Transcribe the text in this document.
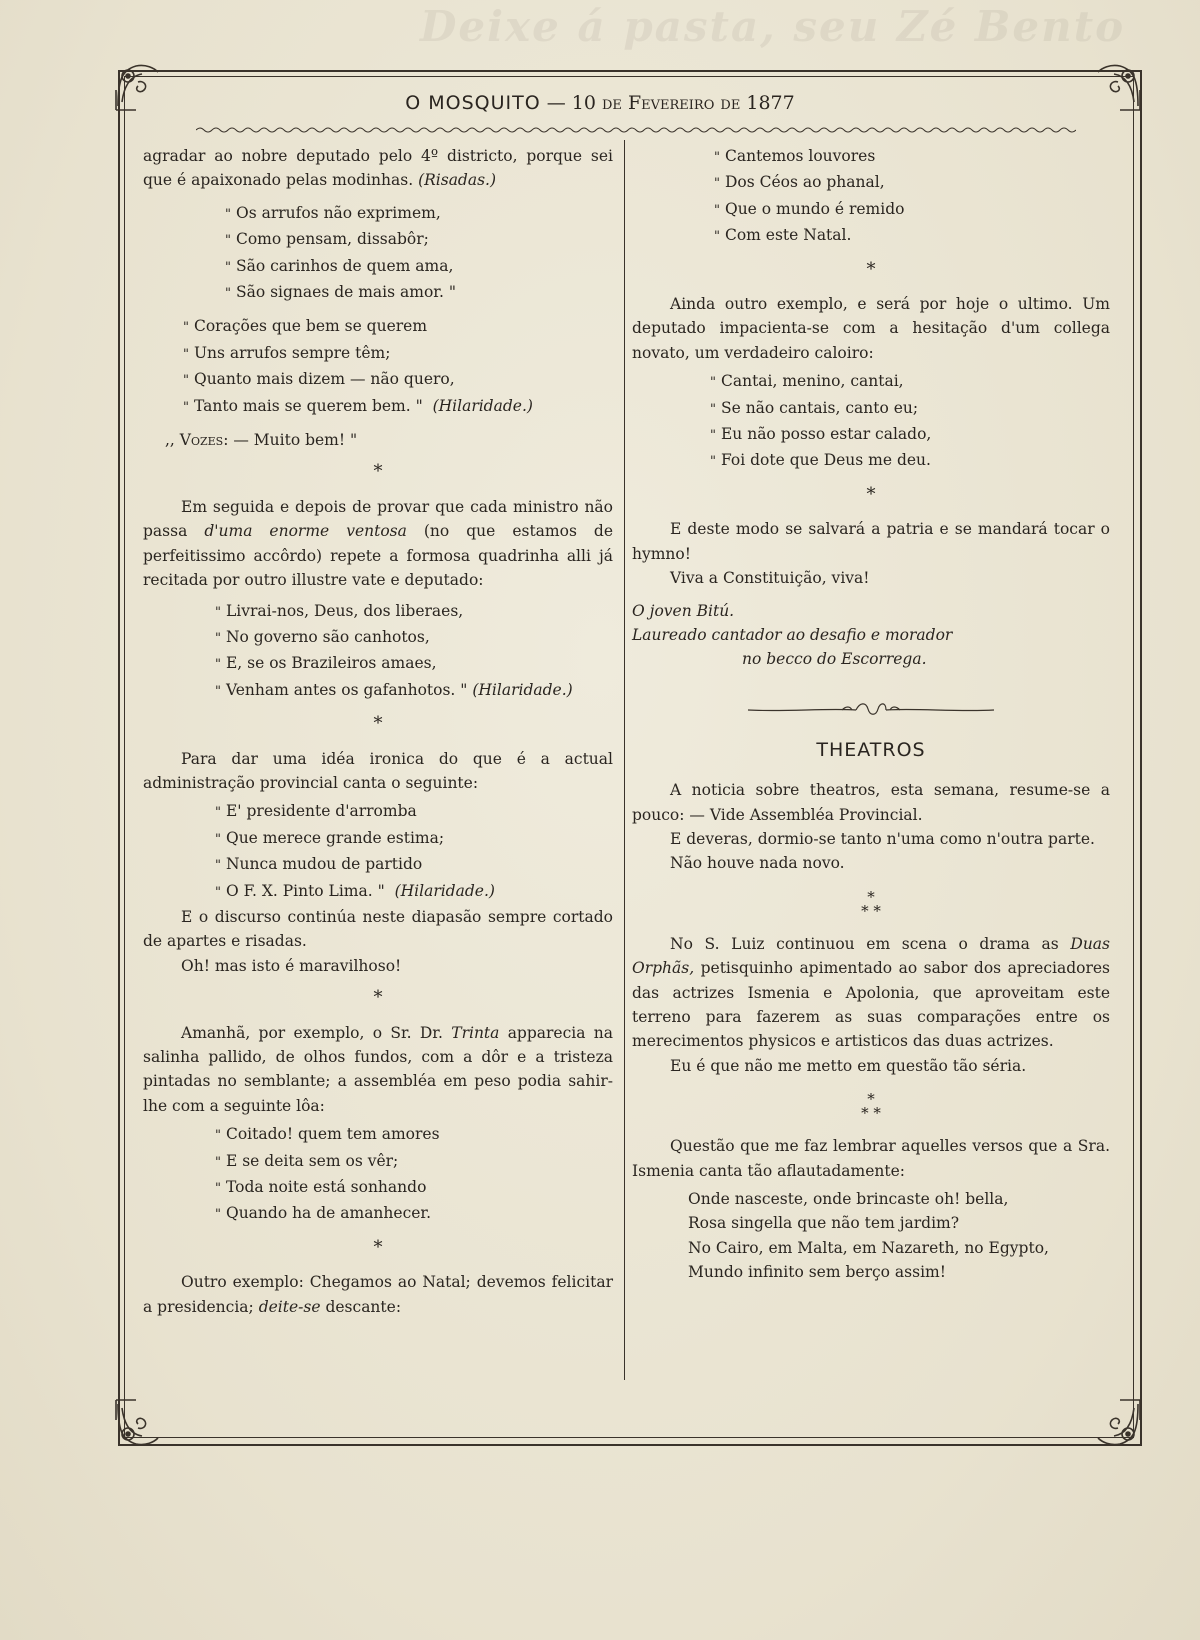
Deixe á pasta, seu Zé Bento
O MOSQUITO — 10 de Fevereiro de 1877

agradar ao nobre deputado pelo 4º districto, porque sei que é apaixonado pelas modinhas. (Risadas.)

" Os arrufos não exprimem,
" Como pensam, dissabôr;
" São carinhos de quem ama,
" São signaes de mais amor. "
" Corações que bem se querem
" Uns arrufos sempre têm;
" Quanto mais dizem — não quero,
" Tanto mais se querem bem. " (Hilaridade.)

,, Vozes: — Muito bem! "

*

Em seguida e depois de provar que cada ministro não passa d'uma enorme ventosa (no que estamos de perfeitissimo accôrdo) repete a formosa quadrinha alli já recitada por outro illustre vate e deputado:

" Livrai-nos, Deus, dos liberaes,
" No governo são canhotos,
" E, se os Brazileiros amaes,
" Venham antes os gafanhotos. " (Hilaridade.)
*

Para dar uma idéa ironica do que é a actual administração provincial canta o seguinte:

" E' presidente d'arromba
" Que merece grande estima;
" Nunca mudou de partido
" O F. X. Pinto Lima. " (Hilaridade.)

E o discurso continúa neste diapasão sempre cortado de apartes e risadas.

Oh! mas isto é maravilhoso!

*

Amanhã, por exemplo, o Sr. Dr. Trinta apparecia na salinha pallido, de olhos fundos, com a dôr e a tristeza pintadas no semblante; a assembléa em peso podia sahir-lhe com a seguinte lôa:

" Coitado! quem tem amores
" E se deita sem os vêr;
" Toda noite está sonhando
" Quando ha de amanhecer.
*

Outro exemplo: Chegamos ao Natal; devemos felicitar a presidencia; deite-se descante:

" Cantemos louvores
" Dos Céos ao phanal,
" Que o mundo é remido
" Com este Natal.
*

Ainda outro exemplo, e será por hoje o ultimo. Um deputado impacienta-se com a hesitação d'um collega novato, um verdadeiro caloiro:

" Cantai, menino, cantai,
" Se não cantais, canto eu;
" Eu não posso estar calado,
" Foi dote que Deus me deu.
*

E deste modo se salvará a patria e se mandará tocar o hymno!

Viva a Constituição, viva!

O joven Bitú.

Laureado cantador ao desafio e morador

no becco do Escorrega.

THEATROS

A noticia sobre theatros, esta semana, resume-se a pouco: — Vide Assembléa Provincial.

E deveras, dormio-se tanto n'uma como n'outra parte.

Não houve nada novo.

*
* *

No S. Luiz continuou em scena o drama as Duas Orphãs, petisquinho apimentado ao sabor dos apreciadores das actrizes Ismenia e Apolonia, que aproveitam este terreno para fazerem as suas comparações entre os merecimentos physicos e artisticos das duas actrizes.

Eu é que não me metto em questão tão séria.

*
* *

Questão que me faz lembrar aquelles versos que a Sra. Ismenia canta tão aflautadamente:

Onde nasceste, onde brincaste oh! bella,
Rosa singella que não tem jardim?
No Cairo, em Malta, em Nazareth, no Egypto,
Mundo infinito sem berço assim!
